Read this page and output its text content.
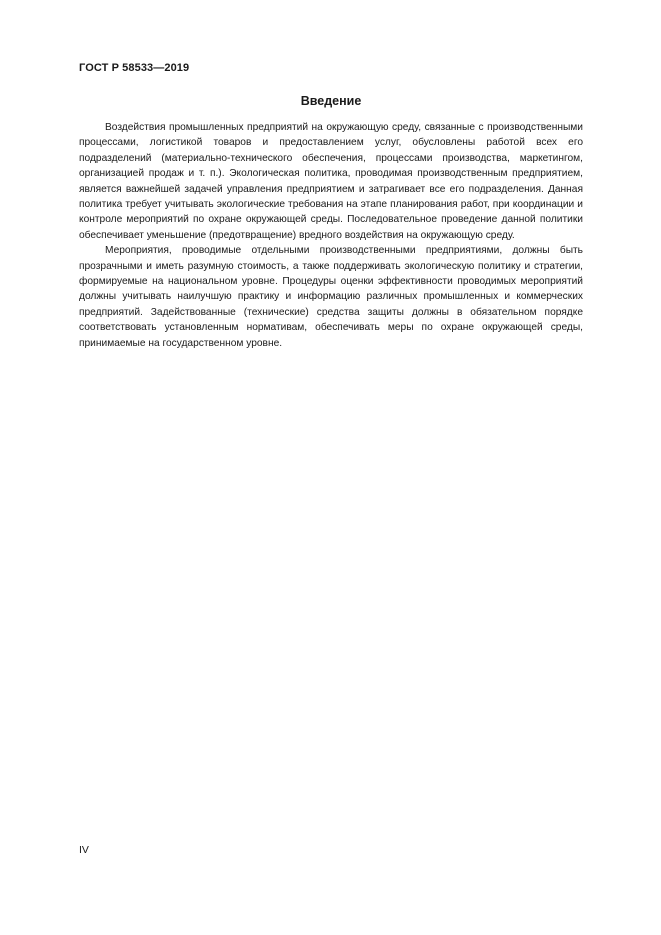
ГОСТ Р 58533—2019
Введение

Воздействия промышленных предприятий на окружающую среду, связанные с производственными процессами, логистикой товаров и предоставлением услуг, обусловлены работой всех его подразделений (материально-технического обеспечения, процессами производства, маркетингом, организацией продаж и т. п.). Экологическая политика, проводимая производственным предприятием, является важнейшей задачей управления предприятием и затрагивает все его подразделения. Данная политика требует учитывать экологические требования на этапе планирования работ, при координации и контроле мероприятий по охране окружающей среды. Последовательное проведение данной политики обеспечивает уменьшение (предотвращение) вредного воздействия на окружающую среду.

Мероприятия, проводимые отдельными производственными предприятиями, должны быть прозрачными и иметь разумную стоимость, а также поддерживать экологическую политику и стратегии, формируемые на национальном уровне. Процедуры оценки эффективности проводимых мероприятий должны учитывать наилучшую практику и информацию различных промышленных и коммерческих предприятий. Задействованные (технические) средства защиты должны в обязательном порядке соответствовать установленным нормативам, обеспечивать меры по охране окружающей среды, принимаемые на государственном уровне.

IV
